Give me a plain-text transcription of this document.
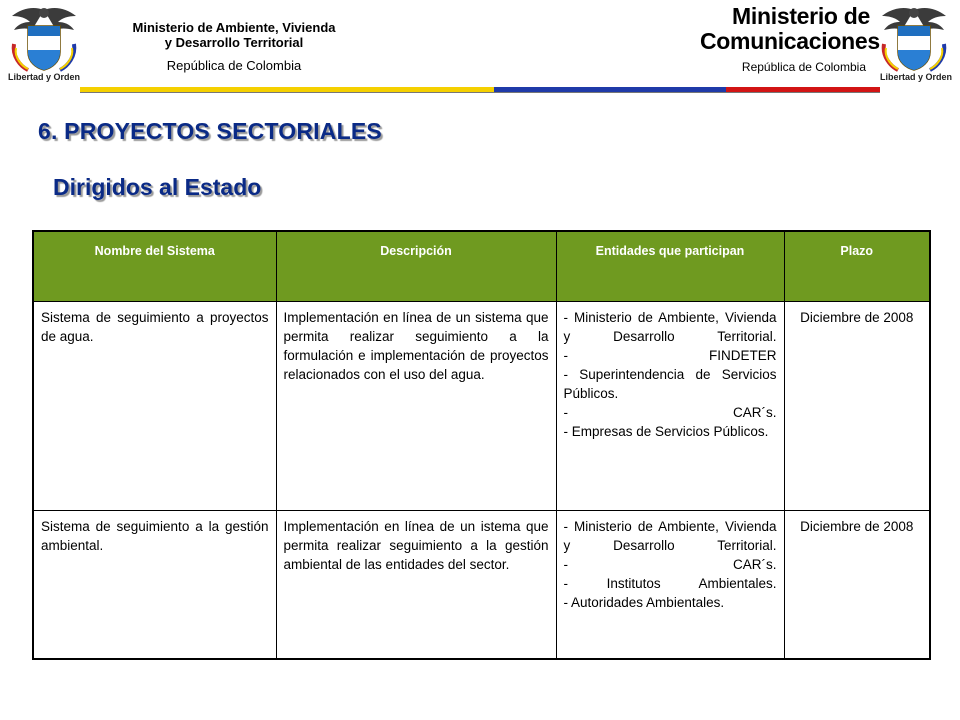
Libertad y Orden
Ministerio de Ambiente, Vivienda
y Desarrollo Territorial
República de Colombia
Ministerio de
Comunicaciones
República de Colombia
Libertad y Orden
6. PROYECTOS SECTORIALES
Dirigidos al Estado
Nombre del Sistema	Descripción	Entidades que participan	Plazo
Sistema de seguimiento a proyectos de agua.	Implementación en línea de un sistema que permita realizar seguimiento a la formulación e implementación de proyectos relacionados con el uso del agua.	- Ministerio de Ambiente, Vivienda y Desarrollo Territorial.
- FINDETER
- Superintendencia de Servicios Públicos.
- CAR´s.
- Empresas de Servicios Públicos.	Diciembre de 2008
Sistema de seguimiento a la gestión ambiental.	Implementación en línea de un istema que permita realizar seguimiento a la gestión ambiental de las entidades del sector.	- Ministerio de Ambiente, Vivienda y Desarrollo Territorial.
- CAR´s.
- Institutos Ambientales.
- Autoridades Ambientales.	Diciembre de 2008
